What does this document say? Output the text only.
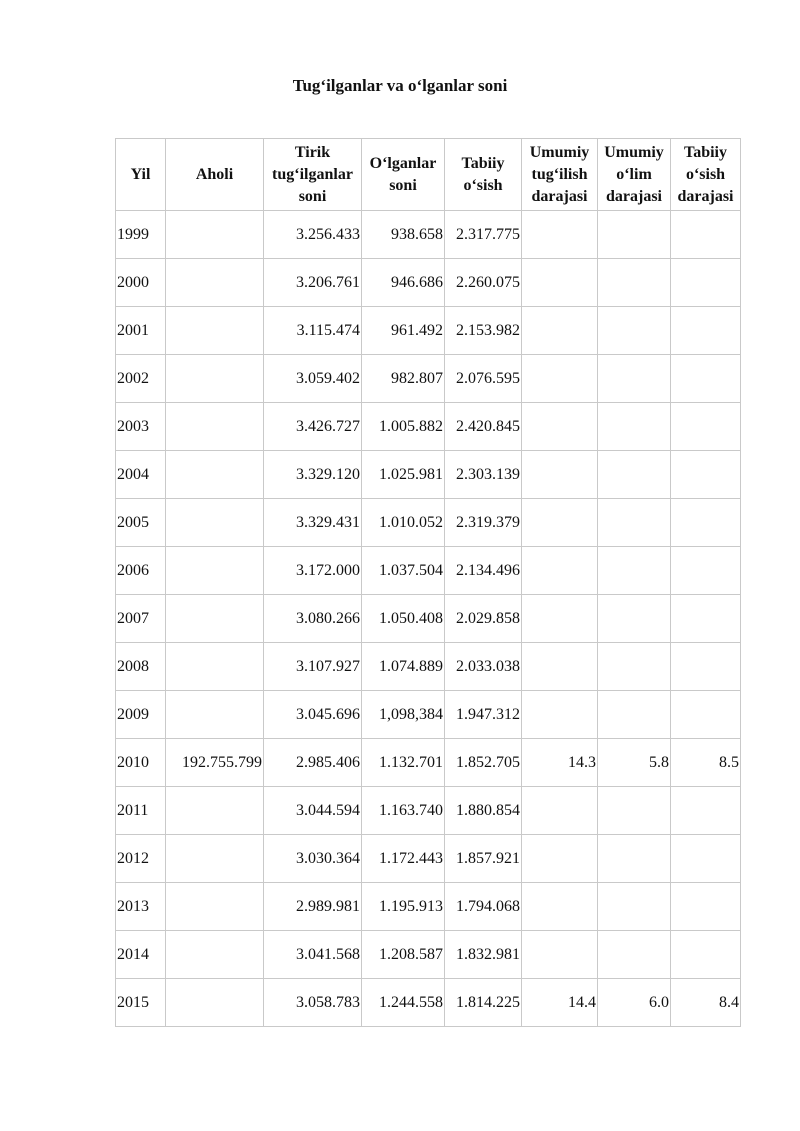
Tug‘ilganlar va o‘lganlar soni
Yil	Aholi	Tirik tug‘ilganlar soni	O‘lganlar soni	Tabiiy o‘sish	Umumiy tug‘ilish darajasi	Umumiy o‘lim darajasi	Tabiiy o‘sish darajasi
1999		3.256.433	938.658	2.317.775			
2000		3.206.761	946.686	2.260.075			
2001		3.115.474	961.492	2.153.982			
2002		3.059.402	982.807	2.076.595			
2003		3.426.727	1.005.882	2.420.845			
2004		3.329.120	1.025.981	2.303.139			
2005		3.329.431	1.010.052	2.319.379			
2006		3.172.000	1.037.504	2.134.496			
2007		3.080.266	1.050.408	2.029.858			
2008		3.107.927	1.074.889	2.033.038			
2009		3.045.696	1,098,384	1.947.312			
2010	192.755.799	2.985.406	1.132.701	1.852.705	14.3	5.8	8.5
2011		3.044.594	1.163.740	1.880.854			
2012		3.030.364	1.172.443	1.857.921			
2013		2.989.981	1.195.913	1.794.068			
2014		3.041.568	1.208.587	1.832.981			
2015		3.058.783	1.244.558	1.814.225	14.4	6.0	8.4
